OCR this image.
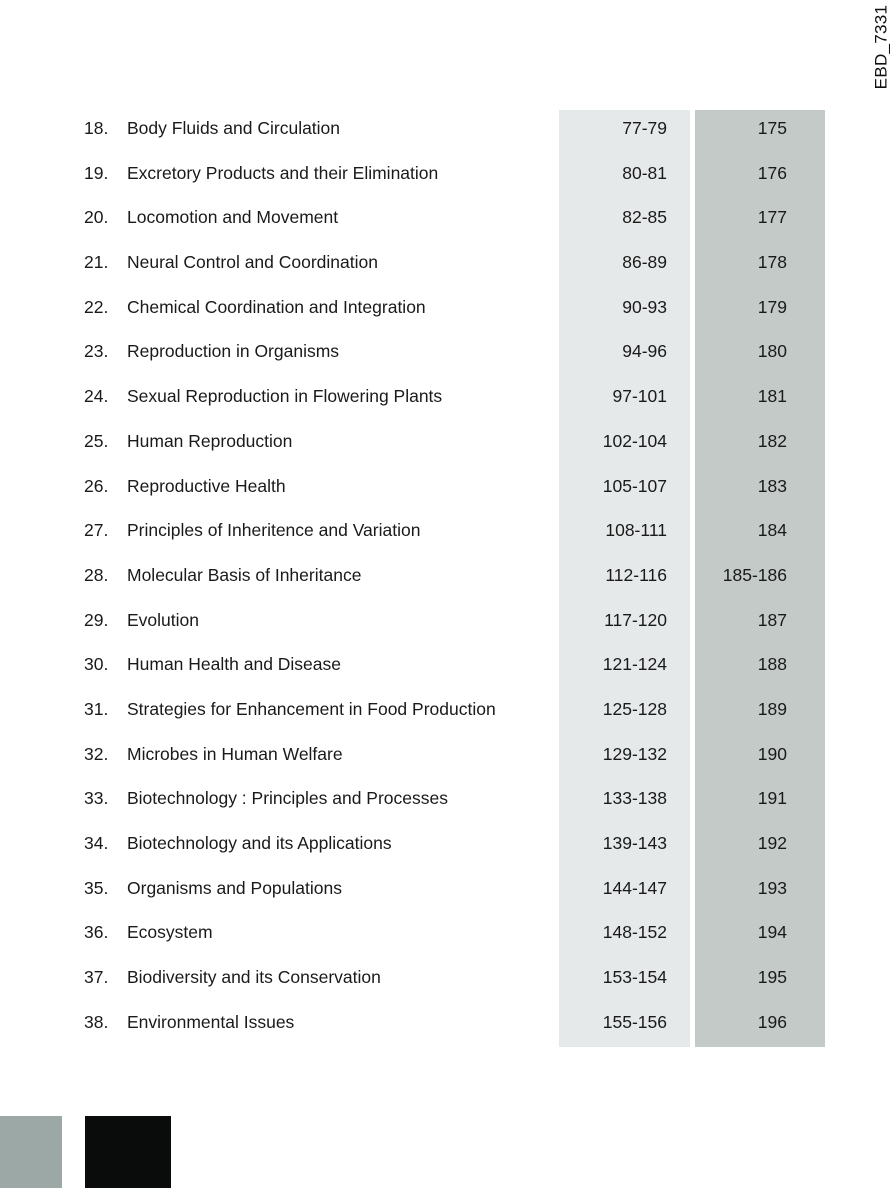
EBD_7331
18. Body Fluids and Circulation	77-79	175
19. Excretory Products and their Elimination	80-81	176
20. Locomotion and Movement	82-85	177
21. Neural Control and Coordination	86-89	178
22. Chemical Coordination and Integration	90-93	179
23. Reproduction in Organisms	94-96	180
24. Sexual Reproduction in Flowering Plants	97-101	181
25. Human Reproduction	102-104	182
26. Reproductive Health	105-107	183
27. Principles of Inheritence and Variation	108-111	184
28. Molecular Basis of Inheritance	112-116	185-186
29. Evolution	117-120	187
30. Human Health and Disease	121-124	188
31. Strategies for Enhancement in Food Production	125-128	189
32. Microbes in Human Welfare	129-132	190
33. Biotechnology : Principles and Processes	133-138	191
34. Biotechnology and its Applications	139-143	192
35. Organisms and Populations	144-147	193
36. Ecosystem	148-152	194
37. Biodiversity and its Conservation	153-154	195
38. Environmental Issues	155-156	196
